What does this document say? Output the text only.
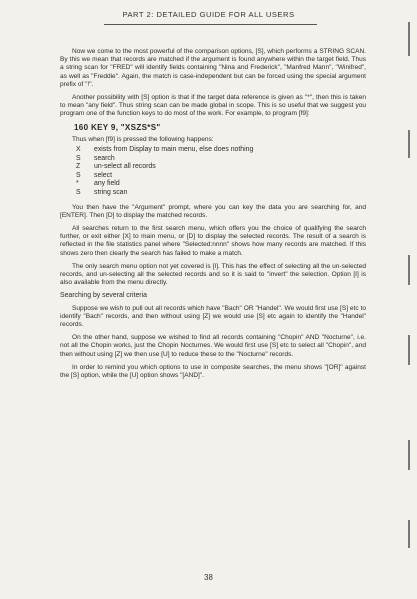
PART 2: DETAILED GUIDE FOR ALL USERS

Now we come to the most powerful of the comparison options, [S], which performs a STRING SCAN. By this we mean that records are matched if the argument is found anywhere within the target field. Thus a string scan for "FRED" will identify fields containing "Nina and Frederick", "Manfred Mann", "Winifred", as well as "Freddie". Again, the match is case-independent but can be forced using the special argument prefix of "!".

Another possibility with [S] option is that if the target data reference is given as "*", then this is taken to mean "any field". Thus string scan can be made global in scope. This is so useful that we suggest you program one of the function keys to do most of the work. For example, to program [f9]:

160 KEY 9, "XSZS*S"

Thus when [f9] is pressed the following happens:

X	exists from Display to main menu, else does nothing
S	search
Z	un-select all records
S	select
*	any field
S	string scan

You then have the "Argument" prompt, where you can key the data you are searching for, and [ENTER]. Then [D] to display the matched records.

All searches return to the first search menu, which offers you the choice of qualifying the search further, or exit either [X] to main menu, or [D] to display the selected records. The result of a search is reflected in the file statistics panel where "Selected:nnnn" shows how many records are matched. If this shows zero then clearly the search has failed to make a match.

The only search menu option not yet covered is [I]. This has the effect of selecting all the un-selected records, and un-selecting all the selected records and so it is said to "invert" the selection. Option [I] is also available from the menu directly.

Searching by several criteria

Suppose we wish to pull out all records which have "Bach" OR "Handel". We would first use [S] etc to identify "Bach" records, and then without using [Z] we would use [S] etc again to identify the "Handel" records.

On the other hand, suppose we wished to find all records containing "Chopin" AND "Nocturne", i.e. not all the Chopin works, just the Chopin Nocturnes. We would first use [S] etc to select all "Chopin", and then without using [Z] we then use [U] to reduce these to the "Nocturne" records.

In order to remind you which options to use in composite searches, the menu shows "[OR]" against the [S] option, while the [U] option shows "[AND]".

38
